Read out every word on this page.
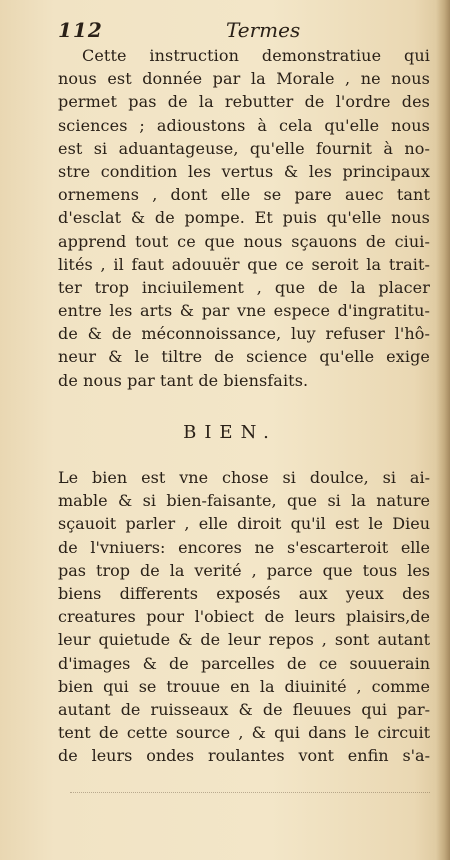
112	Termes
Cette instruction demonstratiue qui
nous est donnée par la Morale , ne nous
permet pas de la rebutter de l'ordre des
sciences ; adioustons à cela qu'elle nous
est si aduantageuse, qu'elle fournit à no-
stre condition les vertus & les principaux
ornemens , dont elle se pare auec tant
d'esclat & de pompe. Et puis qu'elle nous
apprend tout ce que nous sçauons de ciui-
lités , il faut adouuër que ce seroit la trait-
ter trop inciuilement , que de la placer
entre les arts & par vne espece d'ingratitu-
de & de méconnoissance, luy refuser l'hô-
neur & le tiltre de science qu'elle exige
de nous par tant de biensfaits.
BIEN.
Le bien est vne chose si doulce, si ai-
mable & si bien-faisante, que si la nature
sçauoit parler , elle diroit qu'il est le Dieu
de l'vniuers: encores ne s'escarteroit elle
pas trop de la verité , parce que tous les
biens differents exposés aux yeux des
creatures pour l'obiect de leurs plaisirs,de
leur quietude & de leur repos , sont autant
d'images & de parcelles de ce souuerain
bien qui se trouue en la diuinité , comme
autant de ruisseaux & de fleuues qui par-
tent de cette source , & qui dans le circuit
de leurs ondes roulantes vont enfin s'a-
